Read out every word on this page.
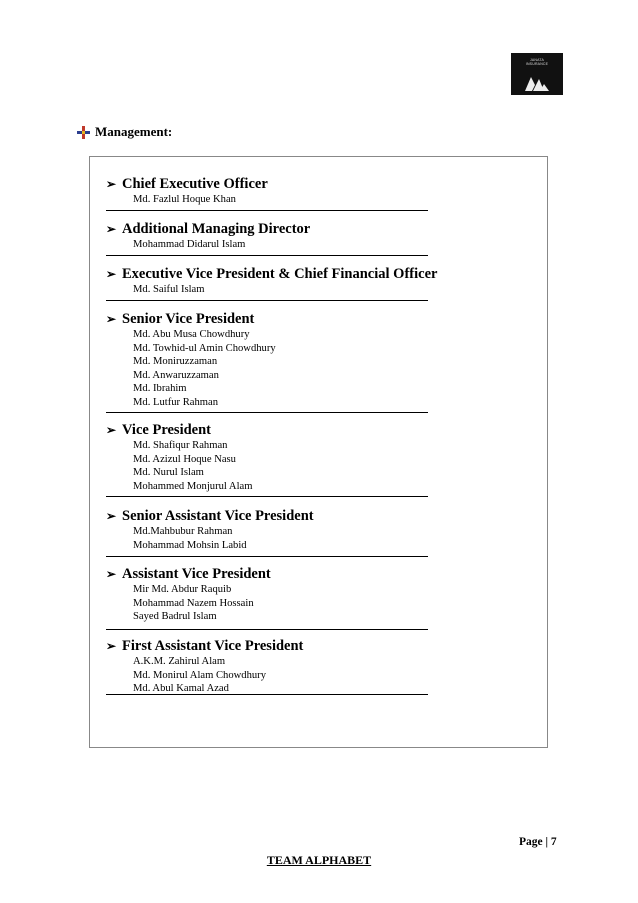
JANATA
INSURANCE
Management:
➢ Chief Executive Officer
Md. Fazlul Hoque Khan
➢ Additional Managing Director
Mohammad Didarul Islam
➢ Executive Vice President & Chief Financial Officer
Md. Saiful Islam
➢ Senior Vice President
Md. Abu Musa Chowdhury
Md. Towhid-ul Amin Chowdhury
Md. Moniruzzaman
Md. Anwaruzzaman
Md. Ibrahim
Md. Lutfur Rahman
➢ Vice President
Md. Shafiqur Rahman
Md. Azizul Hoque Nasu
Md. Nurul Islam
Mohammed Monjurul Alam
➢ Senior Assistant Vice President
Md.Mahbubur Rahman
Mohammad Mohsin Labid
➢ Assistant Vice President
Mir Md. Abdur Raquib
Mohammad Nazem Hossain
Sayed Badrul Islam
➢ First Assistant Vice President
A.K.M. Zahirul Alam
Md. Monirul Alam Chowdhury
Md. Abul Kamal Azad
Page | 7
TEAM ALPHABET
